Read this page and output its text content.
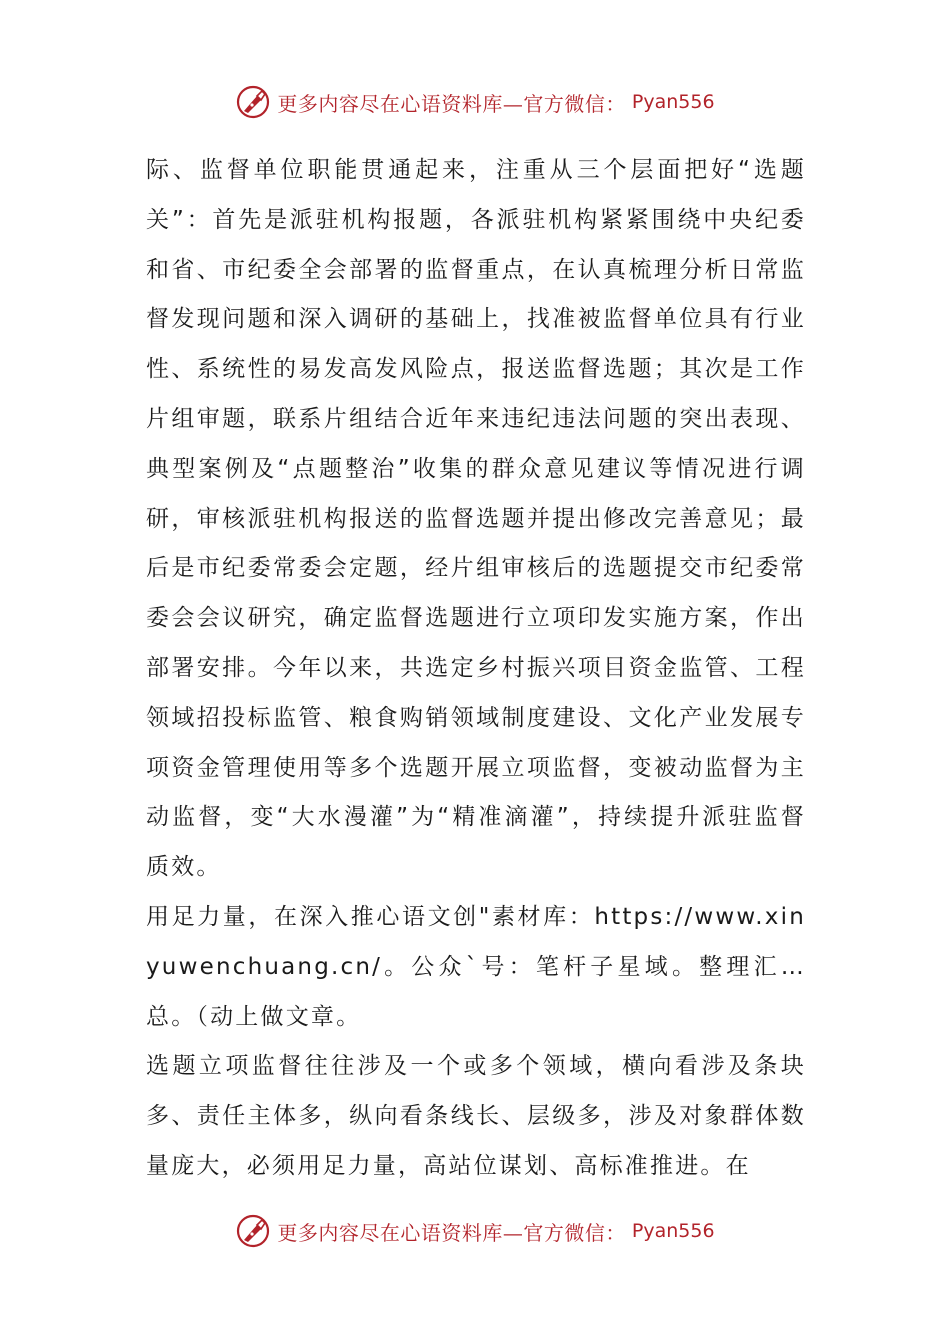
更多内容尽在心语资料库—官方微信： Pyan556

际、监督单位职能贯通起来，注重从三个层面把好“选题关”：首先是派驻机构报题，各派驻机构紧紧围绕中央纪委和省、市纪委全会部署的监督重点，在认真梳理分析日常监督发现问题和深入调研的基础上，找准被监督单位具有行业性、系统性的易发高发风险点，报送监督选题；其次是工作片组审题，联系片组结合近年来违纪违法问题的突出表现、典型案例及“点题整治”收集的群众意见建议等情况进行调研，审核派驻机构报送的监督选题并提出修改完善意见；最后是市纪委常委会定题，经片组审核后的选题提交市纪委常委会会议研究，确定监督选题进行立项印发实施方案，作出部署安排。今年以来，共选定乡村振兴项目资金监管、工程领域招投标监管、粮食购销领域制度建设、文化产业发展专项资金管理使用等多个选题开展立项监督，变被动监督为主动监督，变“大水漫灌”为“精准滴灌”，持续提升派驻监督质效。

用足力量，在深入推心语文创"素材库：https://www.xinyuwenchuang.cn/。公众`号：笔杆子星域。整理汇…总。（动上做文章。

选题立项监督往往涉及一个或多个领域，横向看涉及条块多、责任主体多，纵向看条线长、层级多，涉及对象群体数量庞大，必须用足力量，高站位谋划、高标准推进。在

更多内容尽在心语资料库—官方微信： Pyan556
